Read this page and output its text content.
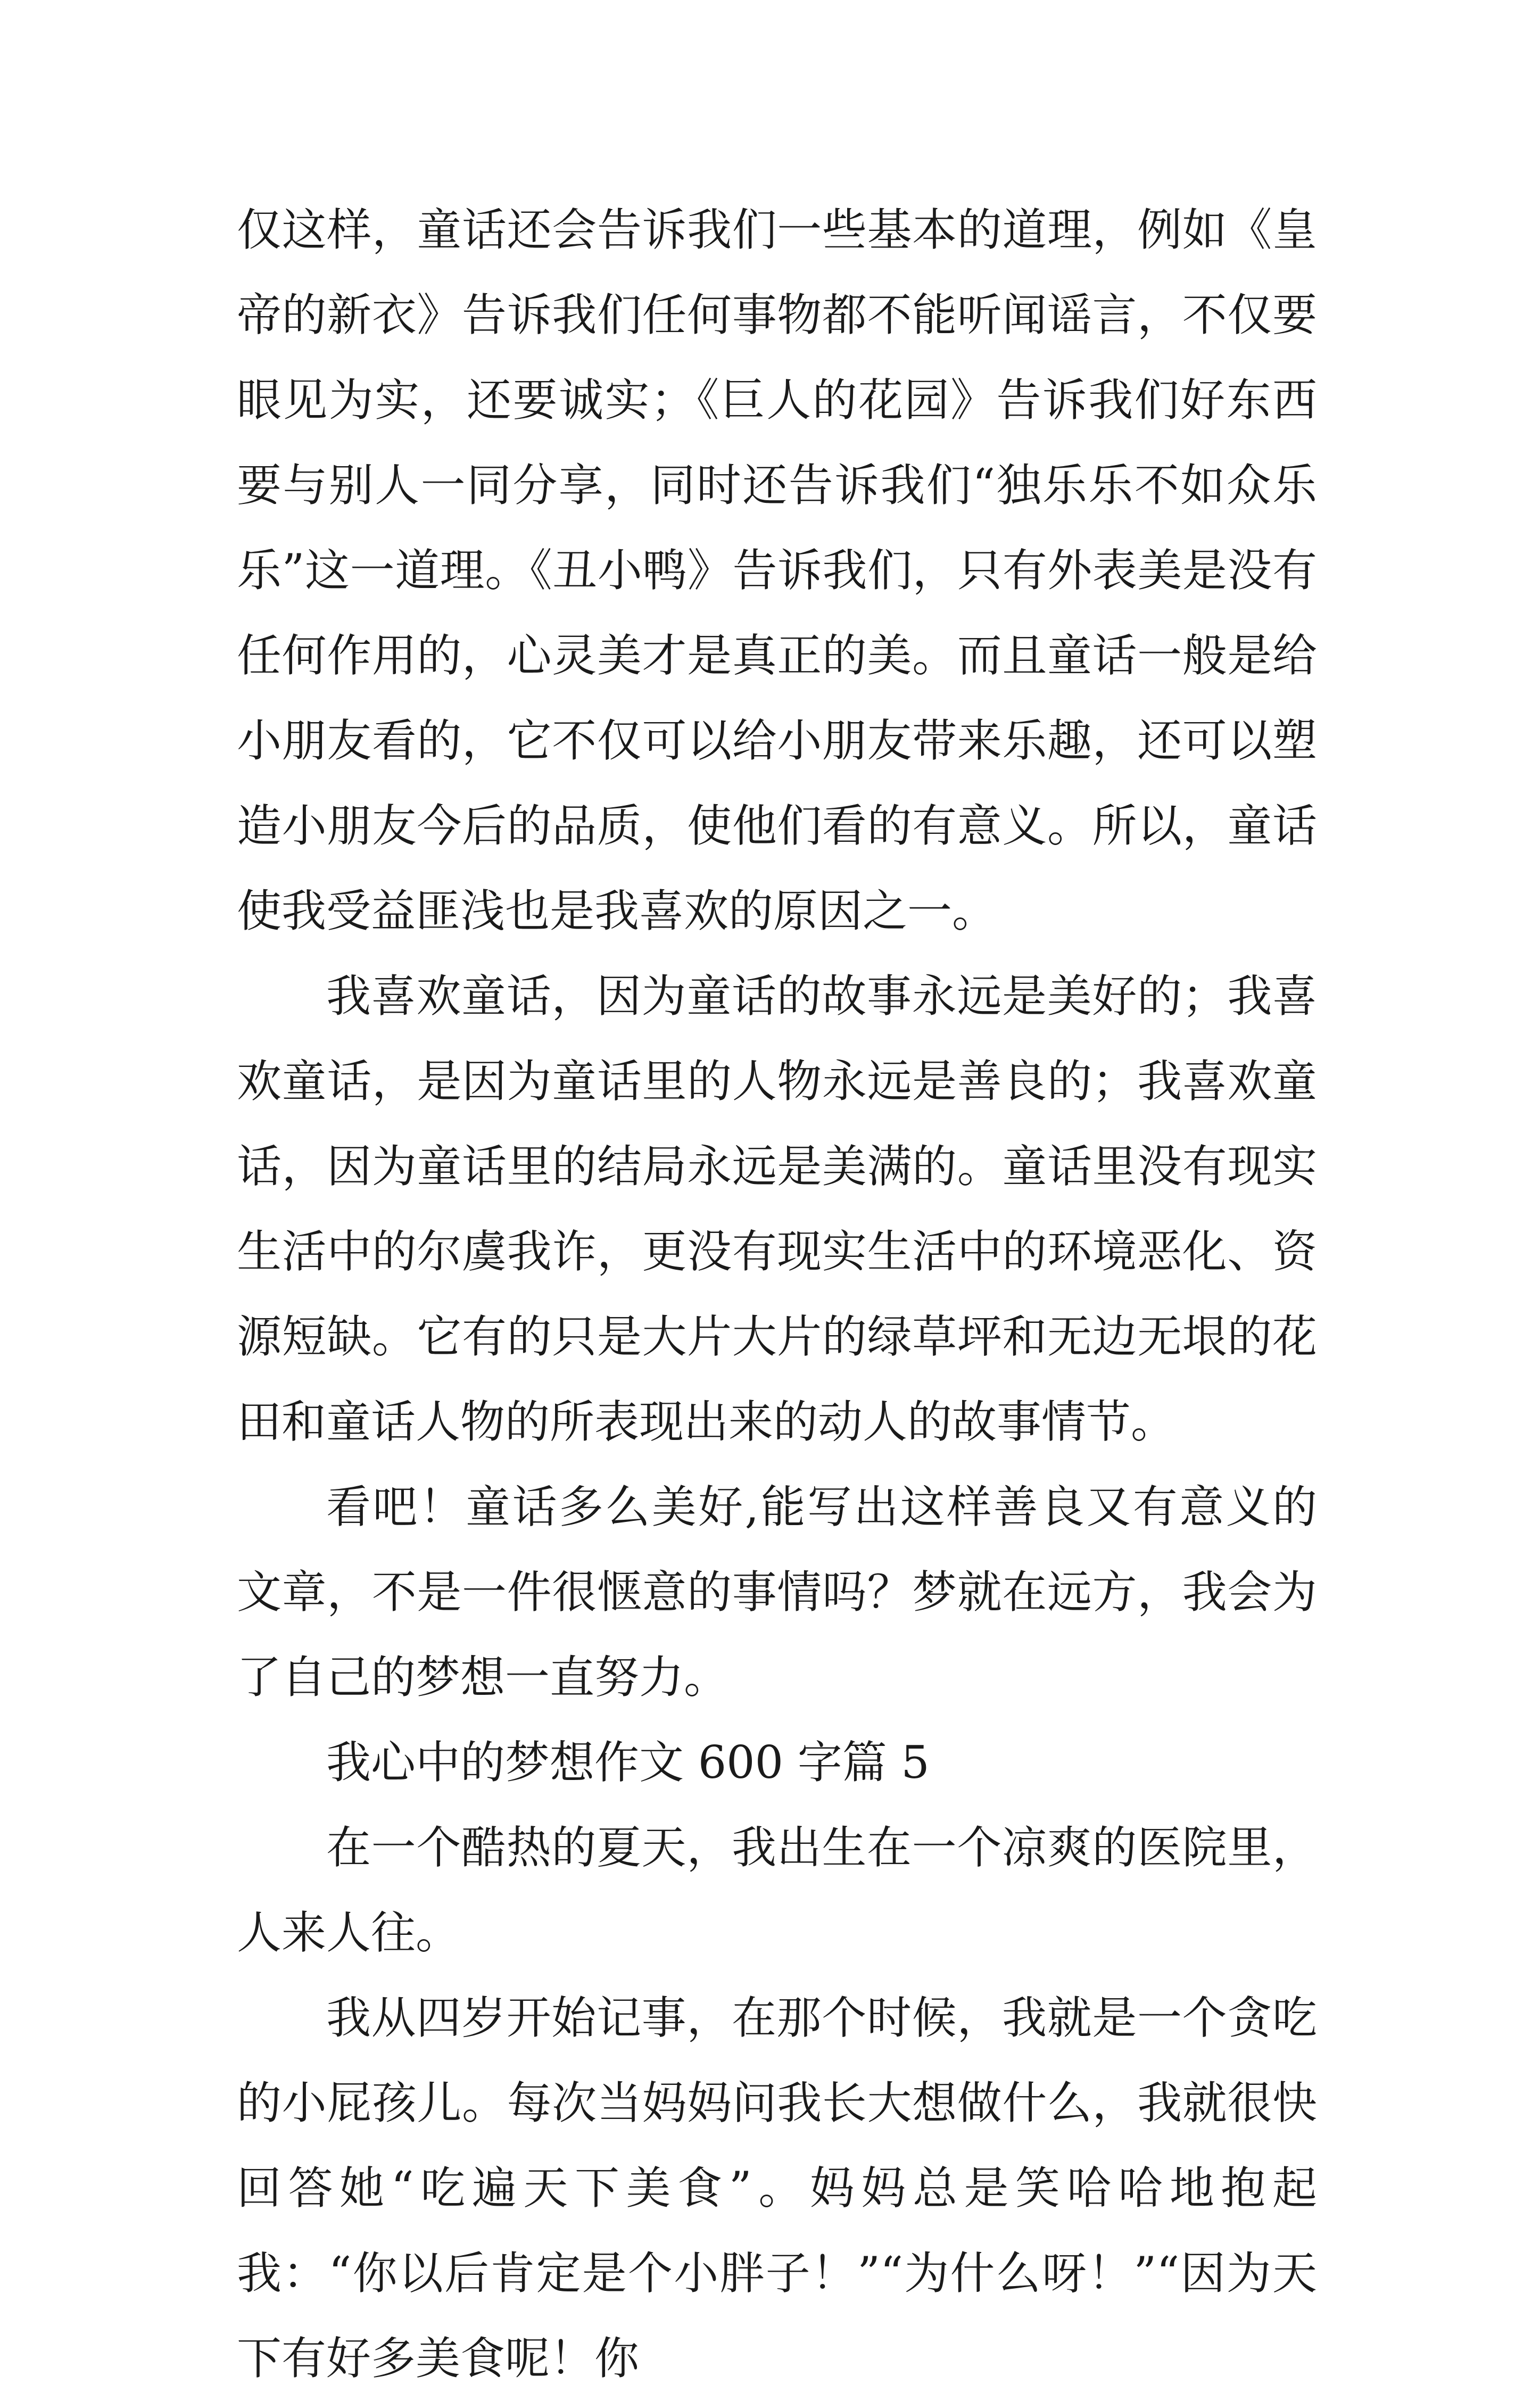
仅这样，童话还会告诉我们一些基本的道理，例如《皇帝的新衣》告诉我们任何事物都不能听闻谣言，不仅要眼见为实，还要诚实；《巨人的花园》告诉我们好东西要与别人一同分享，同时还告诉我们“独乐乐不如众乐乐”这一道理。《丑小鸭》告诉我们，只有外表美是没有任何作用的，心灵美才是真正的美。而且童话一般是给小朋友看的，它不仅可以给小朋友带来乐趣，还可以塑造小朋友今后的品质，使他们看的有意义。所以，童话使我受益匪浅也是我喜欢的原因之一。

我喜欢童话，因为童话的故事永远是美好的；我喜欢童话，是因为童话里的人物永远是善良的；我喜欢童话，因为童话里的结局永远是美满的。童话里没有现实生活中的尔虞我诈，更没有现实生活中的环境恶化、资源短缺。它有的只是大片大片的绿草坪和无边无垠的花田和童话人物的所表现出来的动人的故事情节。

看吧！童话多么美好,能写出这样善良又有意义的文章，不是一件很惬意的事情吗？梦就在远方，我会为了自己的梦想一直努力。

我心中的梦想作文 600 字篇 5

在一个酷热的夏天，我出生在一个凉爽的医院里，人来人往。

我从四岁开始记事，在那个时候，我就是一个贪吃的小屁孩儿。每次当妈妈问我长大想做什么，我就很快回答她“吃遍天下美食”。妈妈总是笑哈哈地抱起我：“你以后肯定是个小胖子！”“为什么呀！”“因为天下有好多美食呢！你
